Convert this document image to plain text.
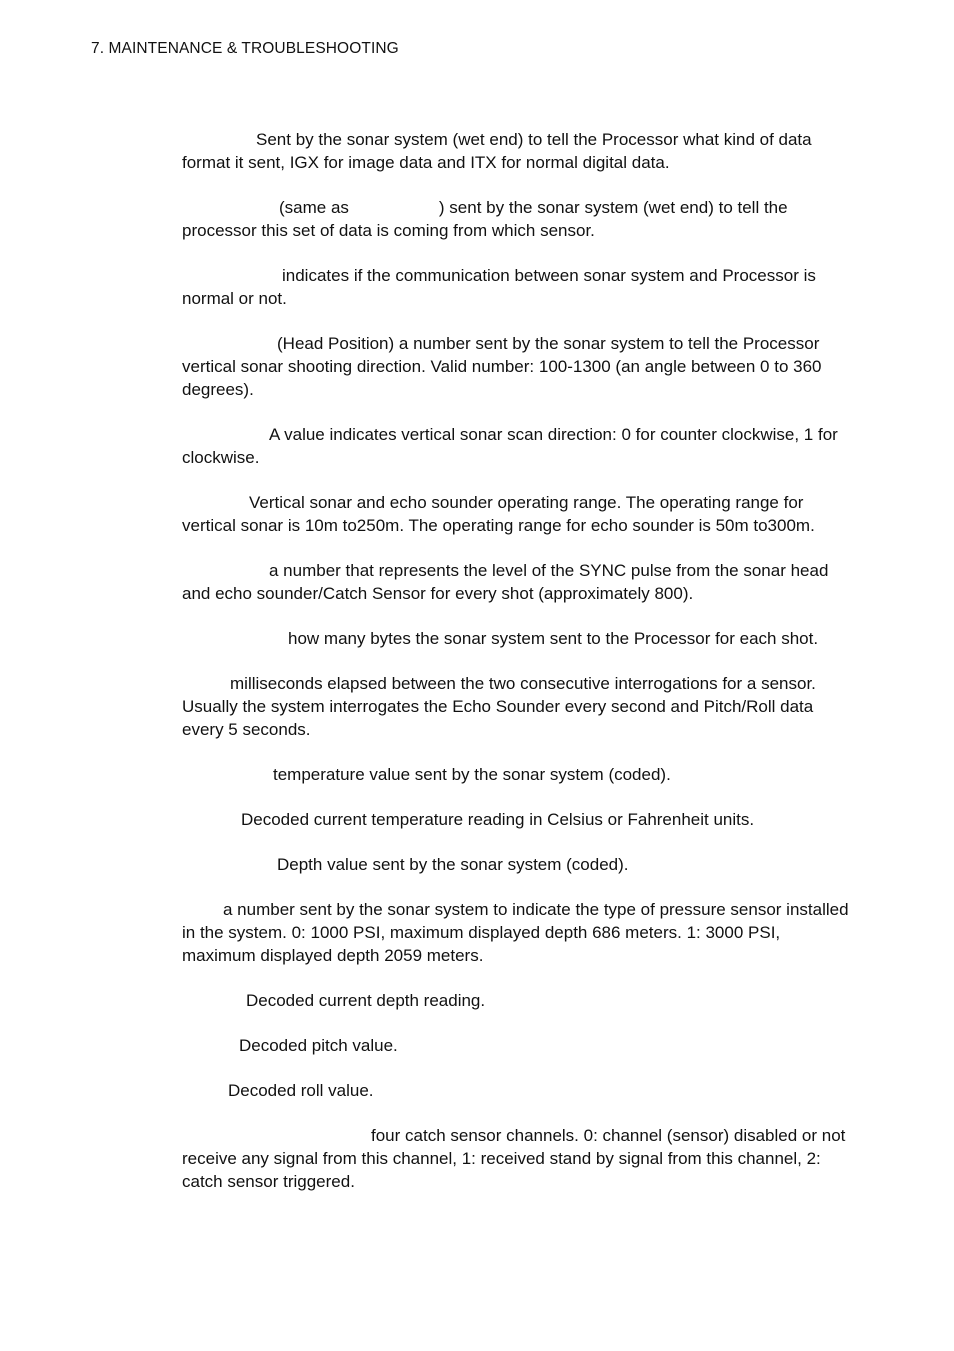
7. MAINTENANCE & TROUBLESHOOTING

Sent by the sonar system (wet end) to tell the Processor what kind of data format it sent, IGX for image data and ITX for normal digital data.

(same as	) sent by the sonar system (wet end) to tell the processor this set of data is coming from which sensor.

indicates if the communication between sonar system and Processor is normal or not.

(Head Position) a number sent by the sonar system to tell the Processor vertical sonar shooting direction. Valid number: 100-1300 (an angle between 0 to 360 degrees).

A value indicates vertical sonar scan direction: 0 for counter clockwise, 1 for clockwise.

Vertical sonar and echo sounder operating range. The operating range for vertical sonar is 10m to250m. The operating range for echo sounder is 50m to300m.

a number that represents the level of the SYNC pulse from the sonar head and echo sounder/Catch Sensor for every shot (approximately 800).

how many bytes the sonar system sent to the Processor for each shot.

milliseconds elapsed between the two consecutive interrogations for a sensor. Usually the system interrogates the Echo Sounder every second and Pitch/Roll data every 5 seconds.

temperature value sent by the sonar system (coded).

Decoded current temperature reading in Celsius or Fahrenheit units.

Depth value sent by the sonar system (coded).

a number sent by the sonar system to indicate the type of pressure sensor installed in the system. 0: 1000 PSI, maximum displayed depth 686 meters. 1: 3000 PSI, maximum displayed depth 2059 meters.

Decoded current depth reading.

Decoded pitch value.

Decoded roll value.

four catch sensor channels. 0: channel (sensor) disabled or not receive any signal from this channel, 1: received stand by signal from this channel, 2: catch sensor triggered.
